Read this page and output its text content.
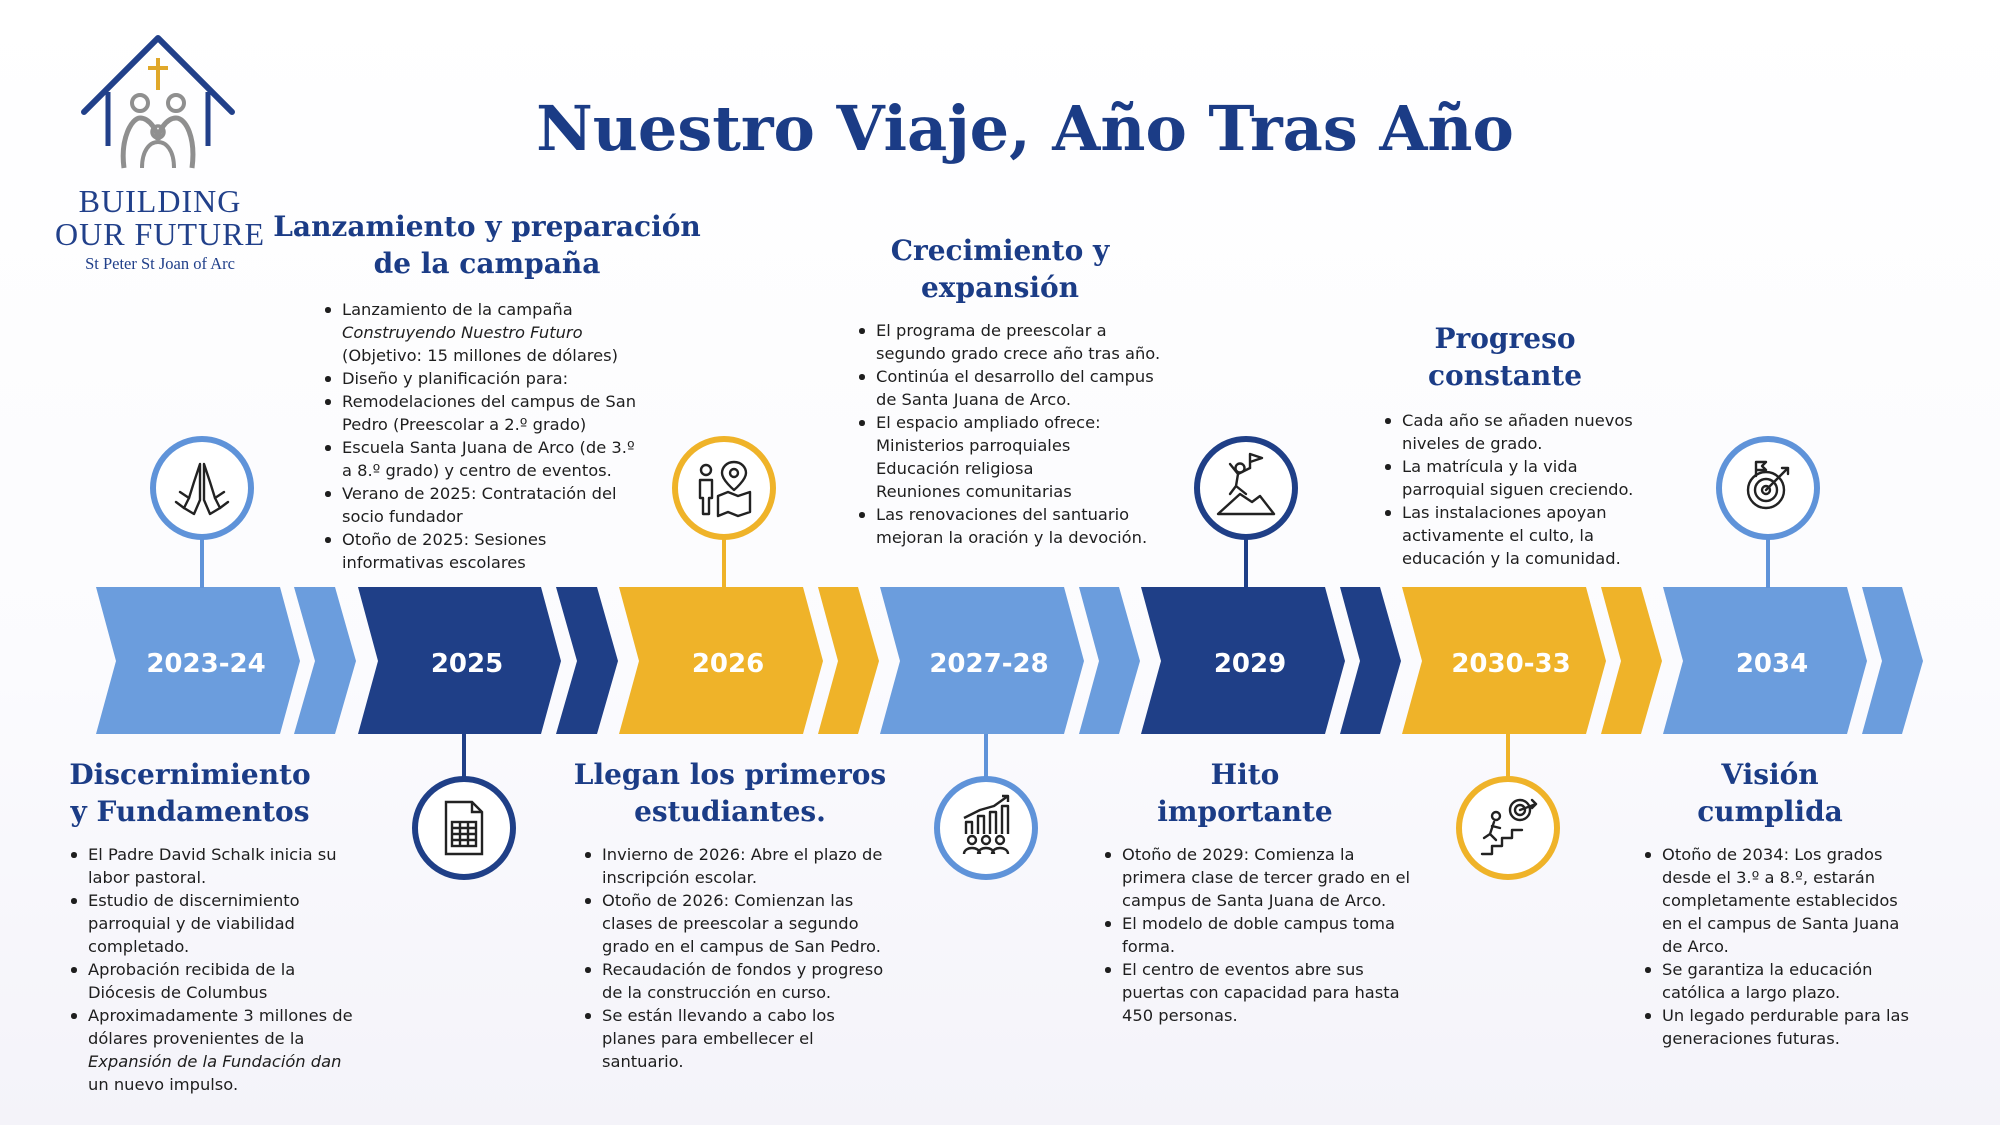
BUILDING
OUR FUTURE
St Peter St Joan of Arc
Nuestro Viaje, Año Tras Año
2023-24	2025	2026	2027-28	2029	2030-33	2034
Discernimiento
y Fundamentos
Lanzamiento y preparación
de la campaña
Llegan los primeros
estudiantes.
Crecimiento y
expansión
Hito
importante
Progreso
constante
Visión
cumplida
El Padre David Schalk inicia su
labor pastoral.
Estudio de discernimiento
parroquial y de viabilidad
completado.
Aprobación recibida de la
Diócesis de Columbus
Aproximadamente 3 millones de
dólares provenientes de la
Expansión de la Fundación dan
un nuevo impulso.
Lanzamiento de la campaña
Construyendo Nuestro Futuro
(Objetivo: 15 millones de dólares)
Diseño y planificación para:
Remodelaciones del campus de San
Pedro (Preescolar a 2.º grado)
Escuela Santa Juana de Arco (de 3.º
a 8.º grado) y centro de eventos.
Verano de 2025: Contratación del
socio fundador
Otoño de 2025: Sesiones
informativas escolares
Invierno de 2026: Abre el plazo de
inscripción escolar.
Otoño de 2026: Comienzan las
clases de preescolar a segundo
grado en el campus de San Pedro.
Recaudación de fondos y progreso
de la construcción en curso.
Se están llevando a cabo los
planes para embellecer el
santuario.
El programa de preescolar a
segundo grado crece año tras año.
Continúa el desarrollo del campus
de Santa Juana de Arco.
El espacio ampliado ofrece:
Ministerios parroquiales
Educación religiosa
Reuniones comunitarias
Las renovaciones del santuario
mejoran la oración y la devoción.
Otoño de 2029: Comienza la
primera clase de tercer grado en el
campus de Santa Juana de Arco.
El modelo de doble campus toma
forma.
El centro de eventos abre sus
puertas con capacidad para hasta
450 personas.
Cada año se añaden nuevos
niveles de grado.
La matrícula y la vida
parroquial siguen creciendo.
Las instalaciones apoyan
activamente el culto, la
educación y la comunidad.
Otoño de 2034: Los grados
desde el 3.º a 8.º, estarán
completamente establecidos
en el campus de Santa Juana
de Arco.
Se garantiza la educación
católica a largo plazo.
Un legado perdurable para las
generaciones futuras.
